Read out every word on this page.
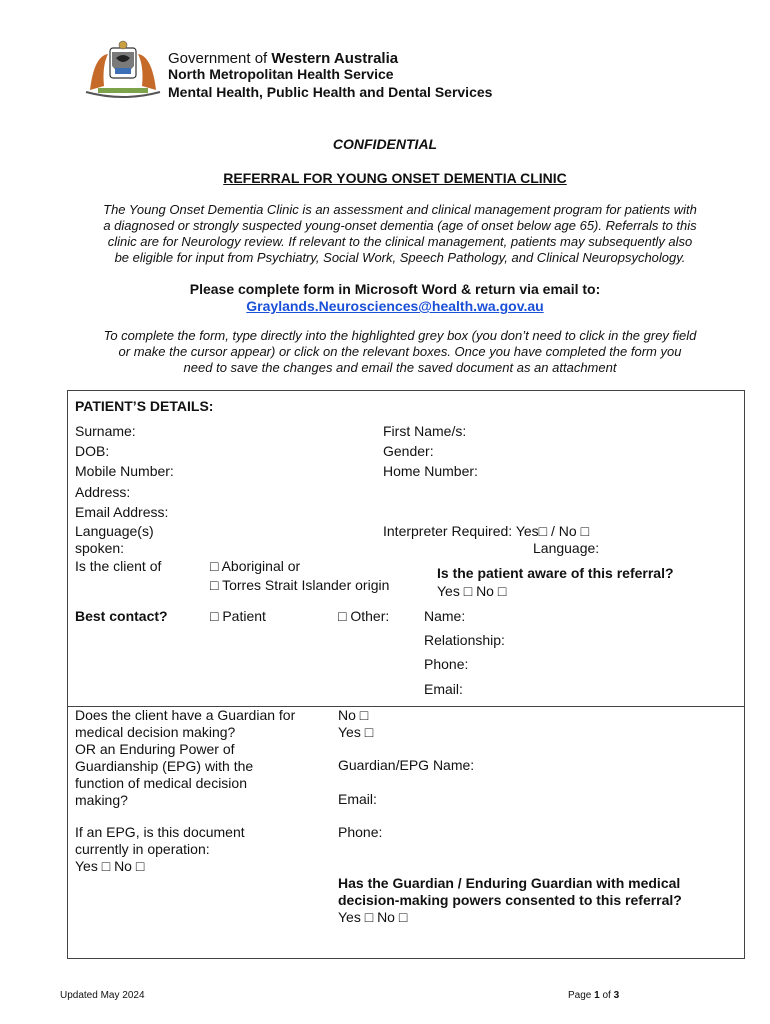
Government of Western Australia
North Metropolitan Health Service
Mental Health, Public Health and Dental Services
CONFIDENTIAL
REFERRAL FOR YOUNG ONSET DEMENTIA CLINIC
The Young Onset Dementia Clinic is an assessment and clinical management program for patients with
a diagnosed or strongly suspected young-onset dementia (age of onset below age 65). Referrals to this
clinic are for Neurology review. If relevant to the clinical management, patients may subsequently also
be eligible for input from Psychiatry, Social Work, Speech Pathology, and Clinical Neuropsychology.
Please complete form in Microsoft Word & return via email to:
Graylands.Neurosciences@health.wa.gov.au
To complete the form, type directly into the highlighted grey box (you don’t need to click in the grey field
or make the cursor appear) or click on the relevant boxes. Once you have completed the form you
need to save the changes and email the saved document as an attachment
PATIENT’S DETAILS:
Surname:	First Name/s:
DOB:	Gender:
Mobile Number:	Home Number:
Address:
Email Address:
Language(s)
spoken:
Interpreter Required: Yes□ / No □
Language:
Is the client of	□ Aboriginal or
□ Torres Strait Islander origin
Is the patient aware of this referral?
Yes □ No □
Best contact?	□ Patient	□ Other: Name:
Relationship:
Phone:
Email:
Does the client have a Guardian for
medical decision making?
OR an Enduring Power of
Guardianship (EPG) with the
function of medical decision
making?
No □
Yes □
Guardian/EPG Name:
Email:
Phone:
If an EPG, is this document
currently in operation:
Yes □ No □
Has the Guardian / Enduring Guardian with medical
decision-making powers consented to this referral?
Yes □ No □
Updated May 2024	Page 1 of 3
